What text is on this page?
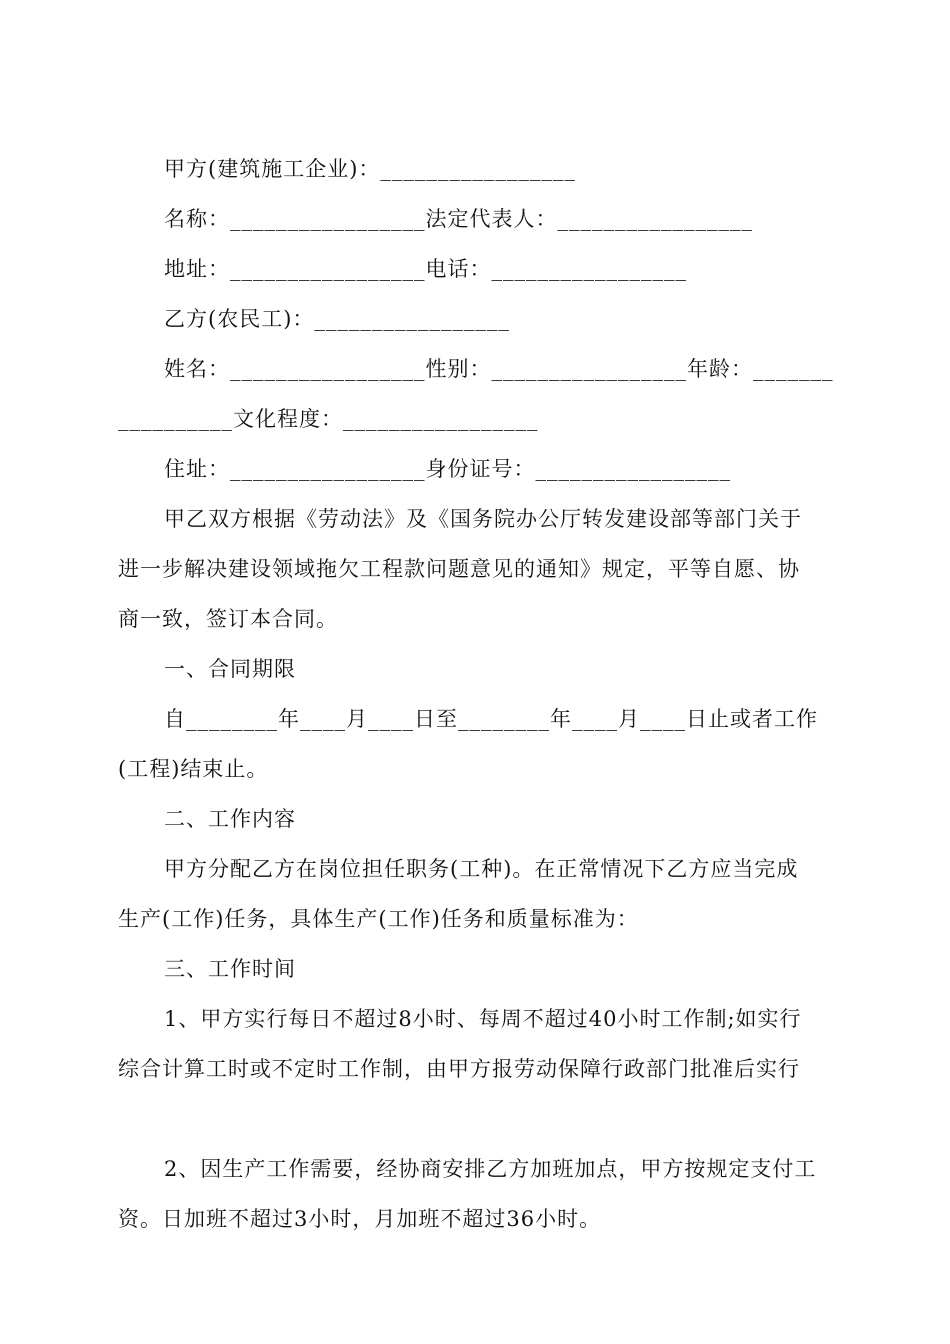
甲方(建筑施工企业)：_________________
名称：_________________法定代表人：_________________
地址：_________________电话：_________________
乙方(农民工)：_________________
姓名：_________________性别：_________________年龄：_______
__________文化程度：_________________
住址：_________________身份证号：_________________
甲乙双方根据《劳动法》及《国务院办公厅转发建设部等部门关于
进一步解决建设领域拖欠工程款问题意见的通知》规定，平等自愿、协
商一致，签订本合同。
一、合同期限
自________年____月____日至________年____月____日止或者工作
(工程)结束止。
二、工作内容
甲方分配乙方在岗位担任职务(工种)。在正常情况下乙方应当完成
生产(工作)任务，具体生产(工作)任务和质量标准为：
三、工作时间
1、甲方实行每日不超过8小时、每周不超过40小时工作制;如实行
综合计算工时或不定时工作制，由甲方报劳动保障行政部门批准后实行
2、因生产工作需要，经协商安排乙方加班加点，甲方按规定支付工
资。日加班不超过3小时，月加班不超过36小时。
